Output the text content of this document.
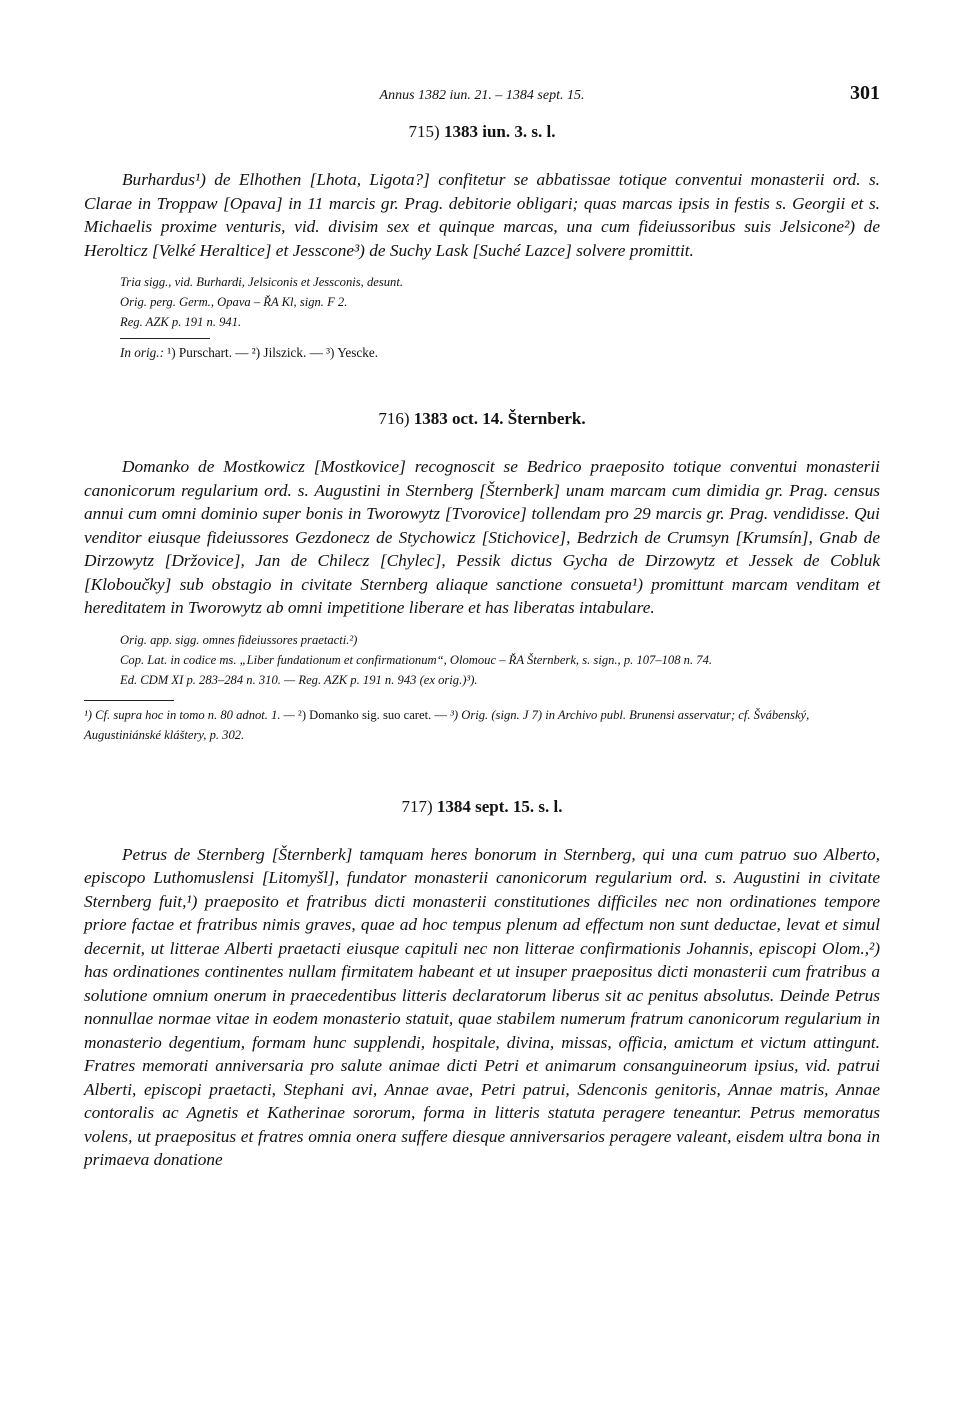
Annus 1382 iun. 21. – 1384 sept. 15.	301
715) 1383 iun. 3. s. l.

Burhardus¹) de Elhothen [Lhota, Ligota?] confitetur se abbatissae totique conventui monasterii ord. s. Clarae in Troppaw [Opava] in 11 marcis gr. Prag. debitorie obligari; quas marcas ipsis in festis s. Georgii et s. Michaelis proxime venturis, vid. divisim sex et quinque marcas, una cum fideiussoribus suis Jelsicone²) de Herolticz [Velké Heraltice] et Jesscone³) de Suchy Lask [Suché Lazce] solvere promittit.

Tria sigg., vid. Burhardi, Jelsiconis et Jessconis, desunt.
Orig. perg. Germ., Opava – ŘA Kl, sign. F 2.
Reg. AZK p. 191 n. 941.
In orig.: ¹) Purschart. — ²) Jilszick. — ³) Yescke.
716) 1383 oct. 14. Šternberk.

Domanko de Mostkowicz [Mostkovice] recognoscit se Bedrico praeposito totique conventui monasterii canonicorum regularium ord. s. Augustini in Sternberg [Šternberk] unam marcam cum dimidia gr. Prag. census annui cum omni dominio super bonis in Tworowytz [Tvorovice] tollendam pro 29 marcis gr. Prag. vendidisse. Qui venditor eiusque fideiussores Gezdonecz de Stychowicz [Stichovice], Bedrzich de Crumsyn [Krumsín], Gnab de Dirzowytz [Držovice], Jan de Chilecz [Chylec], Pessik dictus Gycha de Dirzowytz et Jessek de Cobluk [Kloboučky] sub obstagio in civitate Sternberg aliaque sanctione consueta¹) promittunt marcam venditam et hereditatem in Tworowytz ab omni impetitione liberare et has liberatas intabulare.

Orig. app. sigg. omnes fideiussores praetacti.²)
Cop. Lat. in codice ms. „Liber fundationum et confirmationum“, Olomouc – ŘA Šternberk, s. sign., p. 107–108 n. 74.
Ed. CDM XI p. 283–284 n. 310. — Reg. AZK p. 191 n. 943 (ex orig.)³).
¹) Cf. supra hoc in tomo n. 80 adnot. 1. — ²) Domanko sig. suo caret. — ³) Orig. (sign. J 7) in Archivo publ. Brunensi asservatur; cf. Švábenský, Augustiniánské kláštery, p. 302.
717) 1384 sept. 15. s. l.

Petrus de Sternberg [Šternberk] tamquam heres bonorum in Sternberg, qui una cum patruo suo Alberto, episcopo Luthomuslensi [Litomyšl], fundator monasterii canonicorum regularium ord. s. Augustini in civitate Sternberg fuit,¹) praeposito et fratribus dicti monasterii constitutiones difficiles nec non ordinationes tempore priore factae et fratribus nimis graves, quae ad hoc tempus plenum ad effectum non sunt deductae, levat et simul decernit, ut litterae Alberti praetacti eiusque capituli nec non litterae confirmationis Johannis, episcopi Olom.,²) has ordinationes continentes nullam firmitatem habeant et ut insuper praepositus dicti monasterii cum fratribus a solutione omnium onerum in praecedentibus litteris declaratorum liberus sit ac penitus absolutus. Deinde Petrus nonnullae normae vitae in eodem monasterio statuit, quae stabilem numerum fratrum canonicorum regularium in monasterio degentium, formam hunc supplendi, hospitale, divina, missas, officia, amictum et victum attingunt. Fratres memorati anniversaria pro salute animae dicti Petri et animarum consanguineorum ipsius, vid. patrui Alberti, episcopi praetacti, Stephani avi, Annae avae, Petri patrui, Sdenconis genitoris, Annae matris, Annae contoralis ac Agnetis et Katherinae sororum, forma in litteris statuta peragere teneantur. Petrus memoratus volens, ut praepositus et fratres omnia onera suffere diesque anniversarios peragere valeant, eisdem ultra bona in primaeva donatione
